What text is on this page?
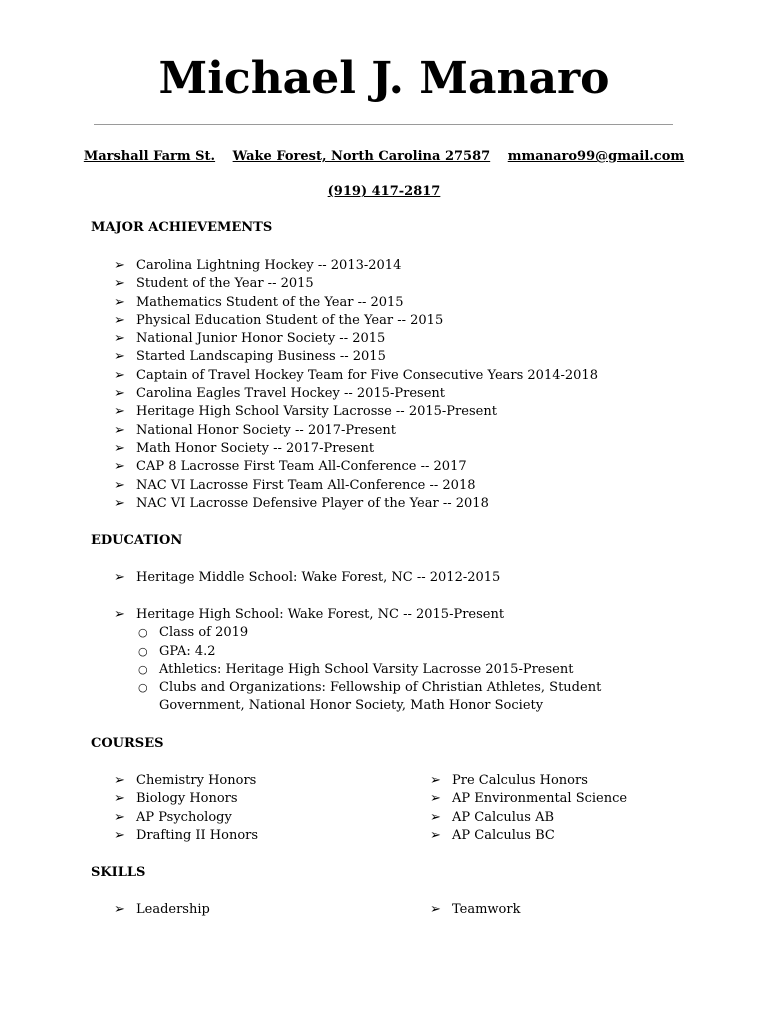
Michael J. Manaro
Marshall Farm St. Wake Forest, North Carolina 27587 mmanaro99@gmail.com
(919) 417-2817
MAJOR ACHIEVEMENTS
➢ Carolina Lightning Hockey -- 2013-2014
➢ Student of the Year -- 2015
➢ Mathematics Student of the Year -- 2015
➢ Physical Education Student of the Year -- 2015
➢ National Junior Honor Society -- 2015
➢ Started Landscaping Business -- 2015
➢ Captain of Travel Hockey Team for Five Consecutive Years 2014-2018
➢ Carolina Eagles Travel Hockey -- 2015-Present
➢ Heritage High School Varsity Lacrosse -- 2015-Present
➢ National Honor Society -- 2017-Present
➢ Math Honor Society -- 2017-Present
➢ CAP 8 Lacrosse First Team All-Conference -- 2017
➢ NAC VI Lacrosse First Team All-Conference -- 2018
➢ NAC VI Lacrosse Defensive Player of the Year -- 2018
EDUCATION
➢ Heritage Middle School: Wake Forest, NC -- 2012-2015
➢ Heritage High School: Wake Forest, NC -- 2015-Present
○ Class of 2019
○ GPA: 4.2
○ Athletics: Heritage High School Varsity Lacrosse 2015-Present
○ Clubs and Organizations: Fellowship of Christian Athletes, Student Government, National Honor Society, Math Honor Society
COURSES
➢ Chemistry Honors
➢ Biology Honors
➢ AP Psychology
➢ Drafting II Honors
➢ Pre Calculus Honors
➢ AP Environmental Science
➢ AP Calculus AB
➢ AP Calculus BC
SKILLS
➢ Leadership	➢ Teamwork
